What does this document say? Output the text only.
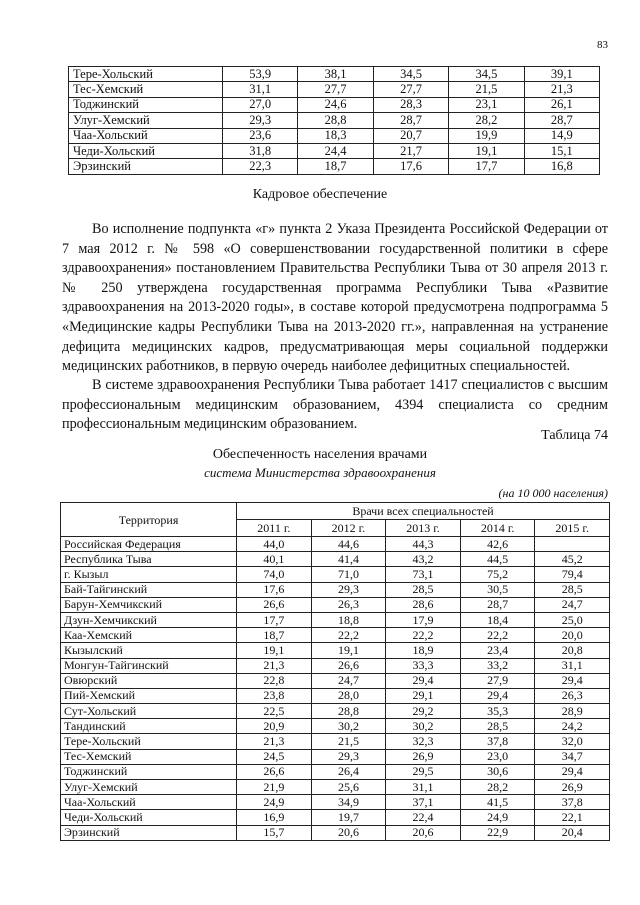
83
Тере-Хольский	53,9	38,1	34,5	34,5	39,1
Тес-Хемский	31,1	27,7	27,7	21,5	21,3
Тоджинский	27,0	24,6	28,3	23,1	26,1
Улуг-Хемский	29,3	28,8	28,7	28,2	28,7
Чаа-Хольский	23,6	18,3	20,7	19,9	14,9
Чеди-Хольский	31,8	24,4	21,7	19,1	15,1
Эрзинский	22,3	18,7	17,6	17,7	16,8
Кадровое обеспечение

Во исполнение подпункта «г» пункта 2 Указа Президента Российской Федерации от 7 мая 2012 г. № 598 «О совершенствовании государственной политики в сфере здравоохранения» постановлением Правительства Республики Тыва от 30 апреля 2013 г. № 250 утверждена государственная программа Республики Тыва «Развитие здравоохранения на 2013-2020 годы», в составе которой предусмотрена подпрограмма 5 «Медицинские кадры Республики Тыва на 2013-2020 гг.», направленная на устранение дефицита медицинских кадров, предусматривающая меры социальной поддержки медицинских работников, в первую очередь наиболее дефицитных специальностей.

В системе здравоохранения Республики Тыва работает 1417 специалистов с высшим профессиональным медицинским образованием, 4394 специалиста со средним профессиональным медицинским образованием.

Таблица 74
Обеспеченность населения врачами
система Министерства здравоохранения
(на 10 000 населения)
Территория	Врачи всех специальностей				
	2011 г.	2012 г.	2013 г.	2014 г.	2015 г.
Российская Федерация	44,0	44,6	44,3	42,6	
Республика Тыва	40,1	41,4	43,2	44,5	45,2
г. Кызыл	74,0	71,0	73,1	75,2	79,4
Бай-Тайгинский	17,6	29,3	28,5	30,5	28,5
Барун-Хемчикский	26,6	26,3	28,6	28,7	24,7
Дзун-Хемчикский	17,7	18,8	17,9	18,4	25,0
Каа-Хемский	18,7	22,2	22,2	22,2	20,0
Кызылский	19,1	19,1	18,9	23,4	20,8
Монгун-Тайгинский	21,3	26,6	33,3	33,2	31,1
Овюрский	22,8	24,7	29,4	27,9	29,4
Пий-Хемский	23,8	28,0	29,1	29,4	26,3
Сут-Хольский	22,5	28,8	29,2	35,3	28,9
Тандинский	20,9	30,2	30,2	28,5	24,2
Тере-Хольский	21,3	21,5	32,3	37,8	32,0
Тес-Хемский	24,5	29,3	26,9	23,0	34,7
Тоджинский	26,6	26,4	29,5	30,6	29,4
Улуг-Хемский	21,9	25,6	31,1	28,2	26,9
Чаа-Хольский	24,9	34,9	37,1	41,5	37,8
Чеди-Хольский	16,9	19,7	22,4	24,9	22,1
Эрзинский	15,7	20,6	20,6	22,9	20,4
